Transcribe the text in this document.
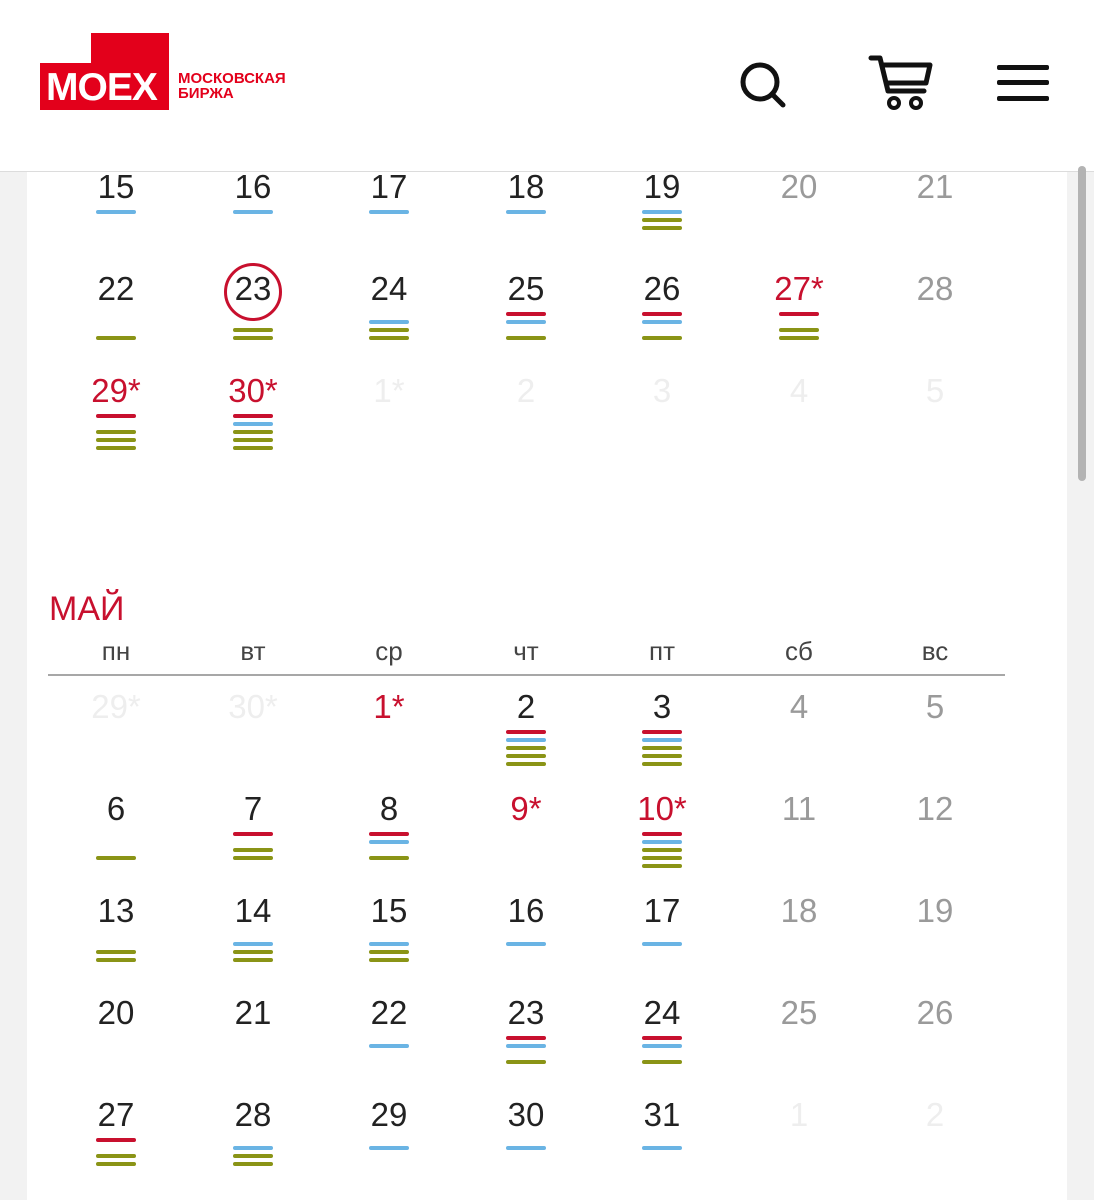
MOEX МОСКОВСКАЯ
БИРЖА
15	16	17	18	19	20	21
22	23	24	25	26	27*	28
29*	30*	1*	2	3	4	5
МАЙ
пн	вт	ср	чт	пт	сб	вс
29*	30*	1*	2	3	4	5
6	7	8	9*	10*	11	12
13	14	15	16	17	18	19
20	21	22	23	24	25	26
27	28	29	30	31	1	2
